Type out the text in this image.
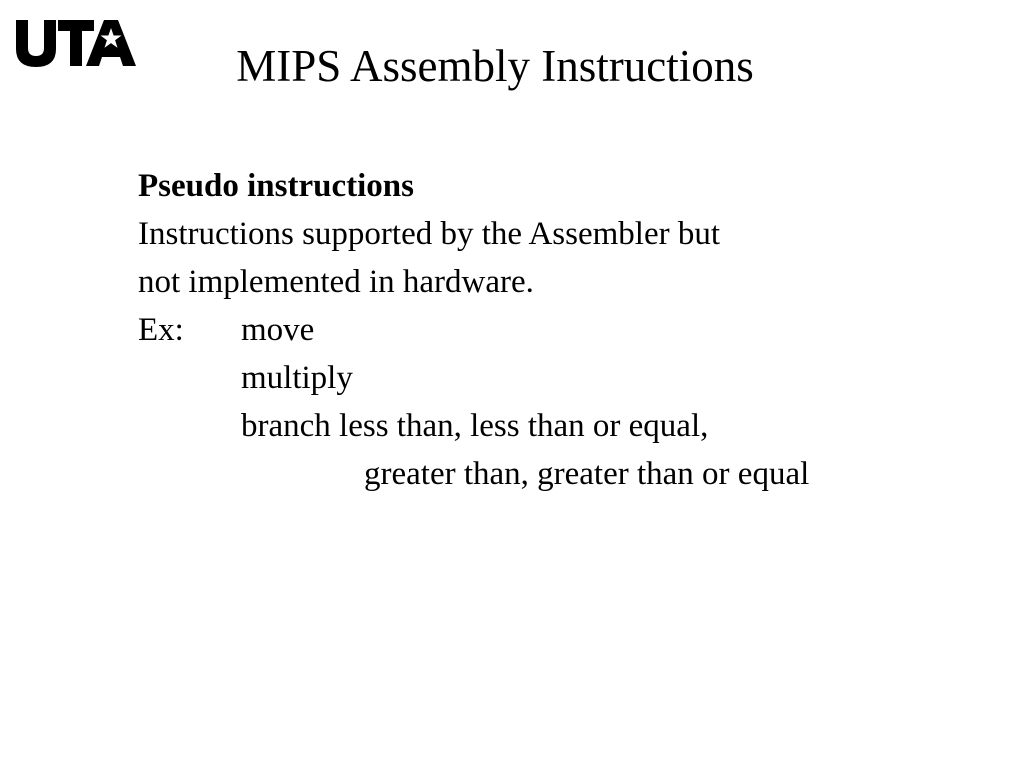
MIPS Assembly Instructions
Pseudo instructions
Instructions supported by the Assembler but
not implemented in hardware.
Ex: move
multiply
branch less than, less than or equal,
greater than, greater than or equal
